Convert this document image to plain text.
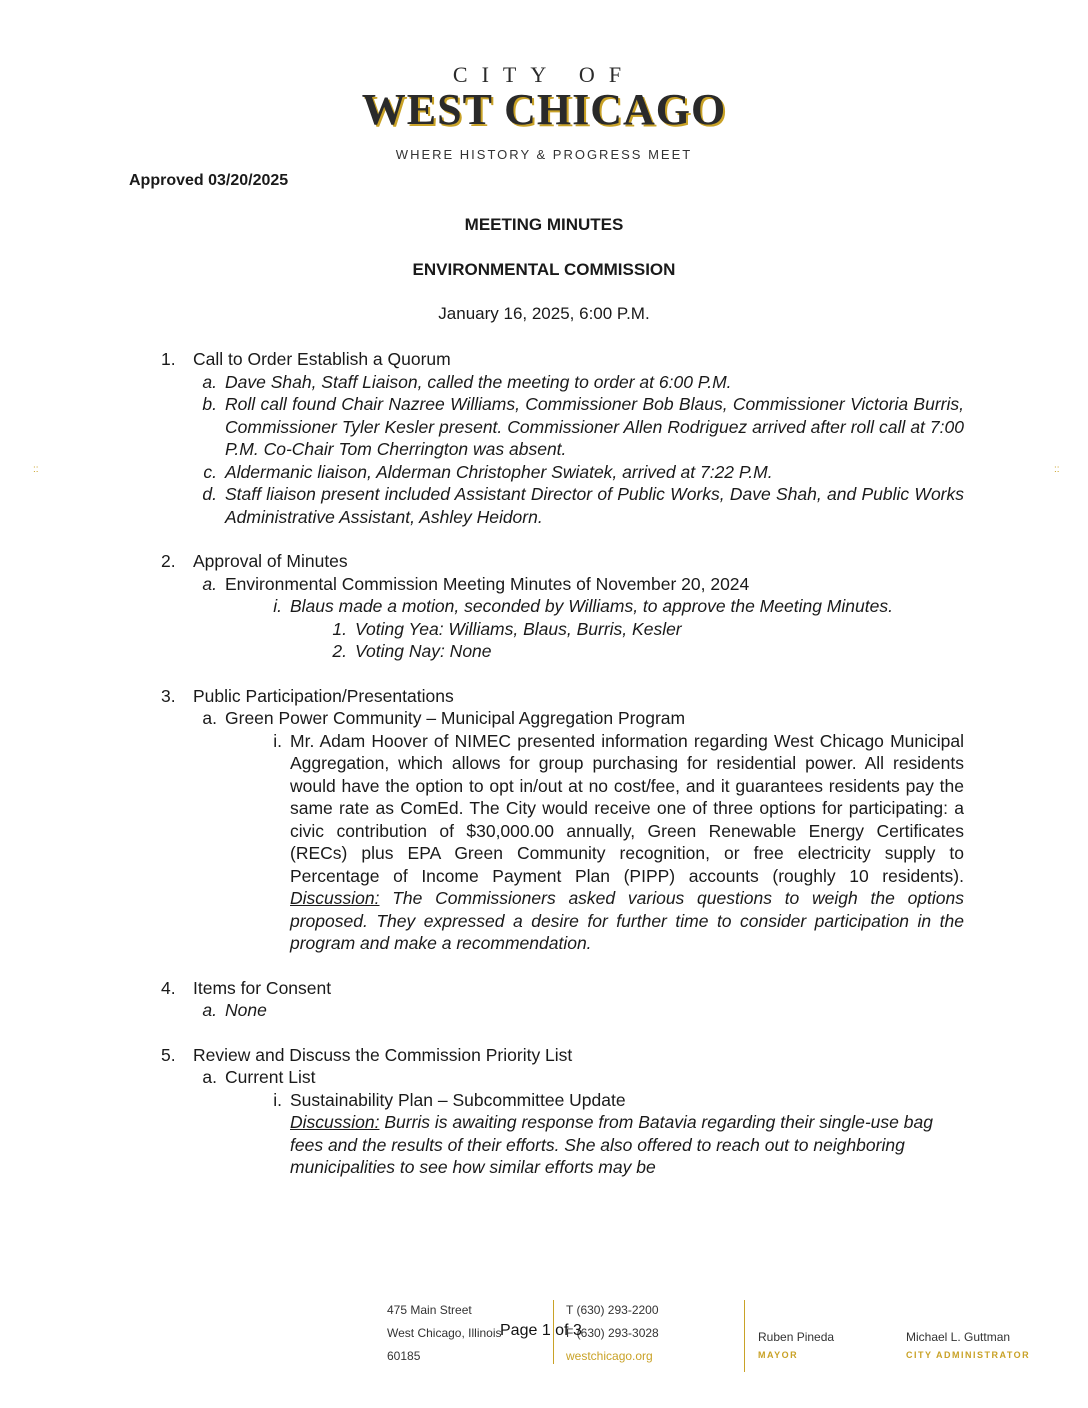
CITY OF
WEST CHICAGO
WHERE HISTORY & PROGRESS MEET
Approved 03/20/2025
MEETING MINUTES
ENVIRONMENTAL COMMISSION
January 16, 2025, 6:00 P.M.
::	::
1. Call to Order Establish a Quorum
a. Dave Shah, Staff Liaison, called the meeting to order at 6:00 P.M.
b. Roll call found Chair Nazree Williams, Commissioner Bob Blaus, Commissioner Victoria Burris, Commissioner Tyler Kesler present. Commissioner Allen Rodriguez arrived after roll call at 7:00 P.M. Co-Chair Tom Cherrington was absent.
c. Aldermanic liaison, Alderman Christopher Swiatek, arrived at 7:22 P.M.
d. Staff liaison present included Assistant Director of Public Works, Dave Shah, and Public Works Administrative Assistant, Ashley Heidorn.
2. Approval of Minutes
a. Environmental Commission Meeting Minutes of November 20, 2024
i. Blaus made a motion, seconded by Williams, to approve the Meeting Minutes.
1. Voting Yea: Williams, Blaus, Burris, Kesler
2. Voting Nay: None
3. Public Participation/Presentations
a. Green Power Community – Municipal Aggregation Program
i. Mr. Adam Hoover of NIMEC presented information regarding West Chicago Municipal Aggregation, which allows for group purchasing for residential power. All residents would have the option to opt in/out at no cost/fee, and it guarantees residents pay the same rate as ComEd. The City would receive one of three options for participating: a civic contribution of $30,000.00 annually, Green Renewable Energy Certificates (RECs) plus EPA Green Community recognition, or free electricity supply to Percentage of Income Payment Plan (PIPP) accounts (roughly 10 residents). Discussion: The Commissioners asked various questions to weigh the options proposed. They expressed a desire for further time to consider participation in the program and make a recommendation.
4. Items for Consent
a. None
5. Review and Discuss the Commission Priority List
a. Current List
i. Sustainability Plan – Subcommittee Update
Discussion: Burris is awaiting response from Batavia regarding their single-use bag fees and the results of their efforts. She also offered to reach out to neighboring municipalities to see how similar efforts may be
475 Main Street
West Chicago, Illinois
60185
T (630) 293-2200
F (630) 293-3028
westchicago.org
Page 1 of 3	Ruben Pineda
MAYOR
Michael L. Guttman
CITY ADMINISTRATOR
